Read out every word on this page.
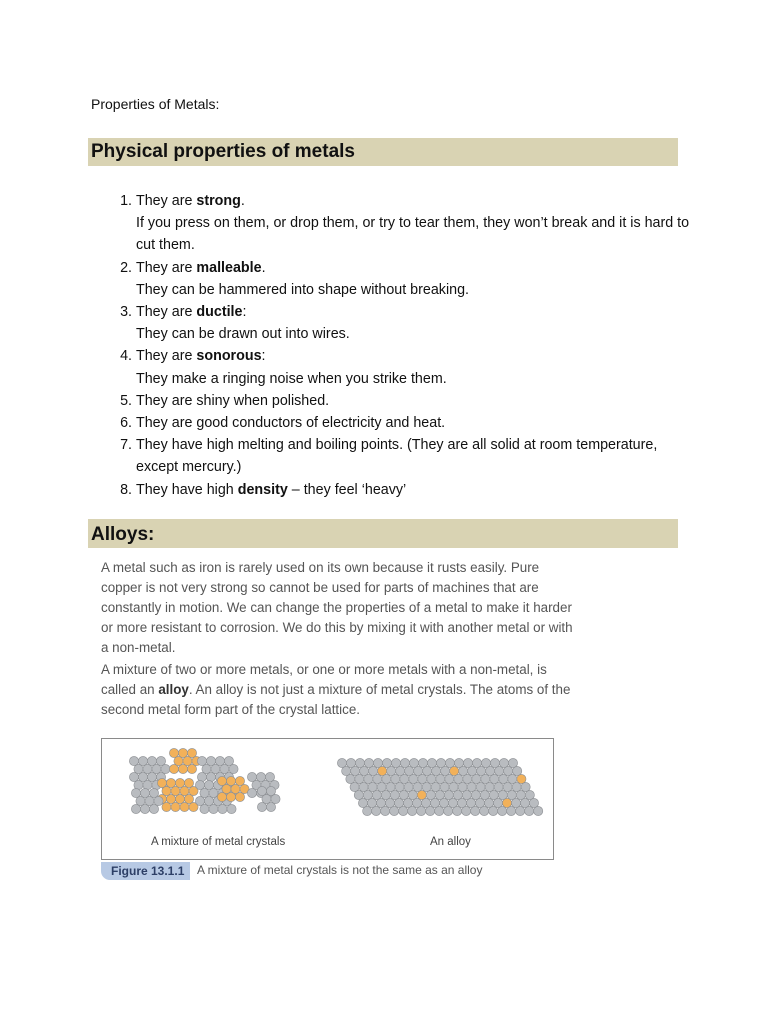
Properties of Metals:
Physical properties of metals
1. They are strong.
If you press on them, or drop them, or try to tear them, they won’t break and it is hard to cut them.
2. They are malleable.
They can be hammered into shape without breaking.
3. They are ductile:
They can be drawn out into wires.
4. They are sonorous:
They make a ringing noise when you strike them.
5. They are shiny when polished.
6. They are good conductors of electricity and heat.
7. They have high melting and boiling points. (They are all solid at room temperature, except mercury.)
8. They have high density – they feel ‘heavy’
Alloys:

A metal such as iron is rarely used on its own because it rusts easily. Pure copper is not very strong so cannot be used for parts of machines that are constantly in motion. We can change the properties of a metal to make it harder or more resistant to corrosion. We do this by mixing it with another metal or with a non-metal.

A mixture of two or more metals, or one or more metals with a non-metal, is called an alloy. An alloy is not just a mixture of metal crystals. The atoms of the second metal form part of the crystal lattice.

A mixture of metal crystals	An alloy
Figure 13.1.1	A mixture of metal crystals is not the same as an alloy
